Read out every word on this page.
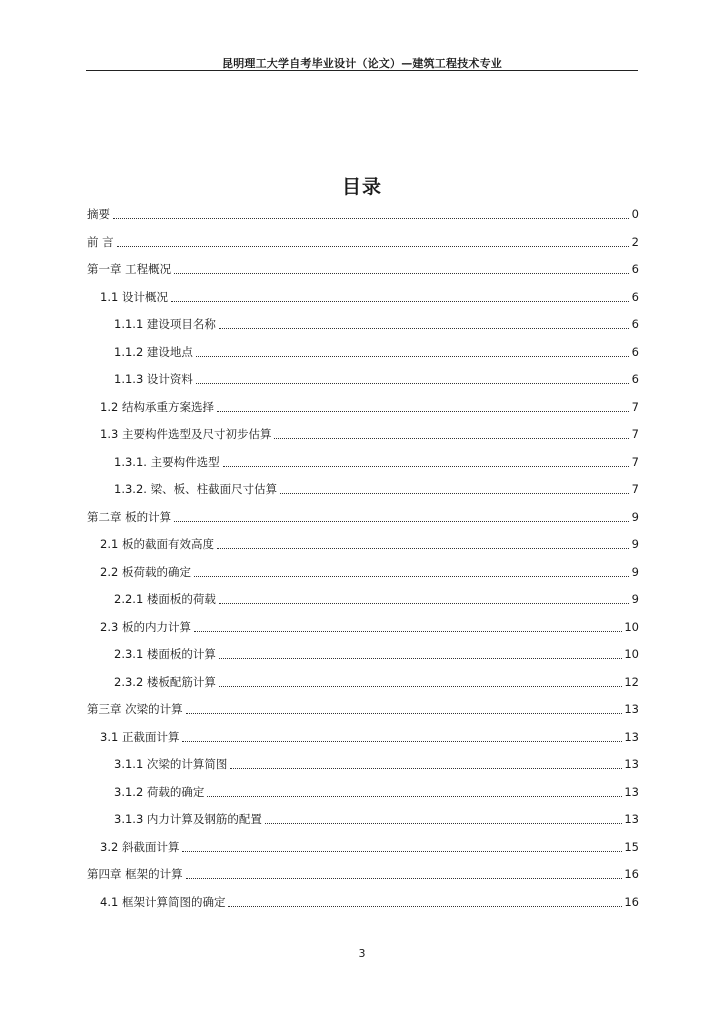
昆明理工大学自考毕业设计（论文）—建筑工程技术专业
目录
摘要	0
前 言	2
第一章 工程概况	6
1.1 设计概况	6
1.1.1 建设项目名称	6
1.1.2 建设地点	6
1.1.3 设计资料	6
1.2 结构承重方案选择	7
1.3 主要构件选型及尺寸初步估算	7
1.3.1. 主要构件选型	7
1.3.2. 梁、板、柱截面尺寸估算	7
第二章 板的计算	9
2.1 板的截面有效高度	9
2.2 板荷载的确定	9
2.2.1 楼面板的荷载	9
2.3 板的内力计算	10
2.3.1 楼面板的计算	10
2.3.2 楼板配筋计算	12
第三章 次梁的计算	13
3.1 正截面计算	13
3.1.1 次梁的计算简图	13
3.1.2 荷载的确定	13
3.1.3 内力计算及钢筋的配置	13
3.2 斜截面计算	15
第四章 框架的计算	16
4.1 框架计算简图的确定	16
3
